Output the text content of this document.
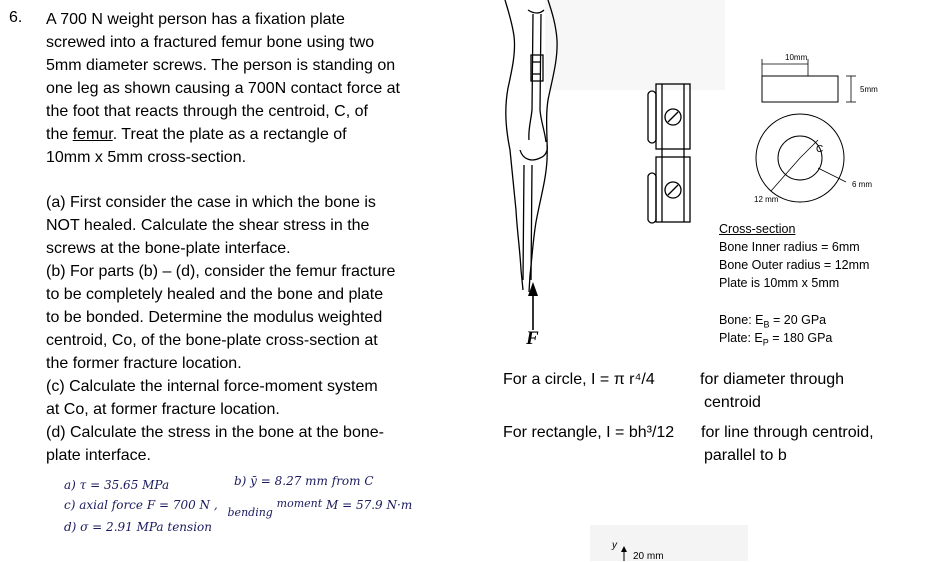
6. A 700 N weight person has a fixation plate
screwed into a fractured femur bone using two
5mm diameter screws. The person is standing on
one leg as shown causing a 700N contact force at
the foot that reacts through the centroid, C, of
the femur. Treat the plate as a rectangle of
10mm x 5mm cross-section.
(a) First consider the case in which the bone is
NOT healed. Calculate the shear stress in the
screws at the bone-plate interface.
(b) For parts (b) – (d), consider the femur fracture
to be completely healed and the bone and plate
to be bonded. Determine the modulus weighted
centroid, Co, of the bone-plate cross-section at
the former fracture location.
(c) Calculate the internal force-moment system
at Co, at former fracture location.
(d) Calculate the stress in the bone at the bone-
plate interface.
a) τ = 35.65 MPa	b) ȳ = 8.27 mm from C
c) axial force F = 700 N ,
bending
moment M = 57.9 N·m
d) σ = 2.91 MPa tension
F
10mm
5mm
C
6 mm
12 mm
Cross-section
Bone Inner radius = 6mm
Bone Outer radius = 12mm
Plate is 10mm x 5mm
Bone: $E_B = 20$ GPa
Plate: $E_P = 180$ GPa
For a circle, I = π r⁴/4	for diameter through
centroid
For rectangle, I = bh³/12 for line through centroid,
parallel to b
y
20 mm
